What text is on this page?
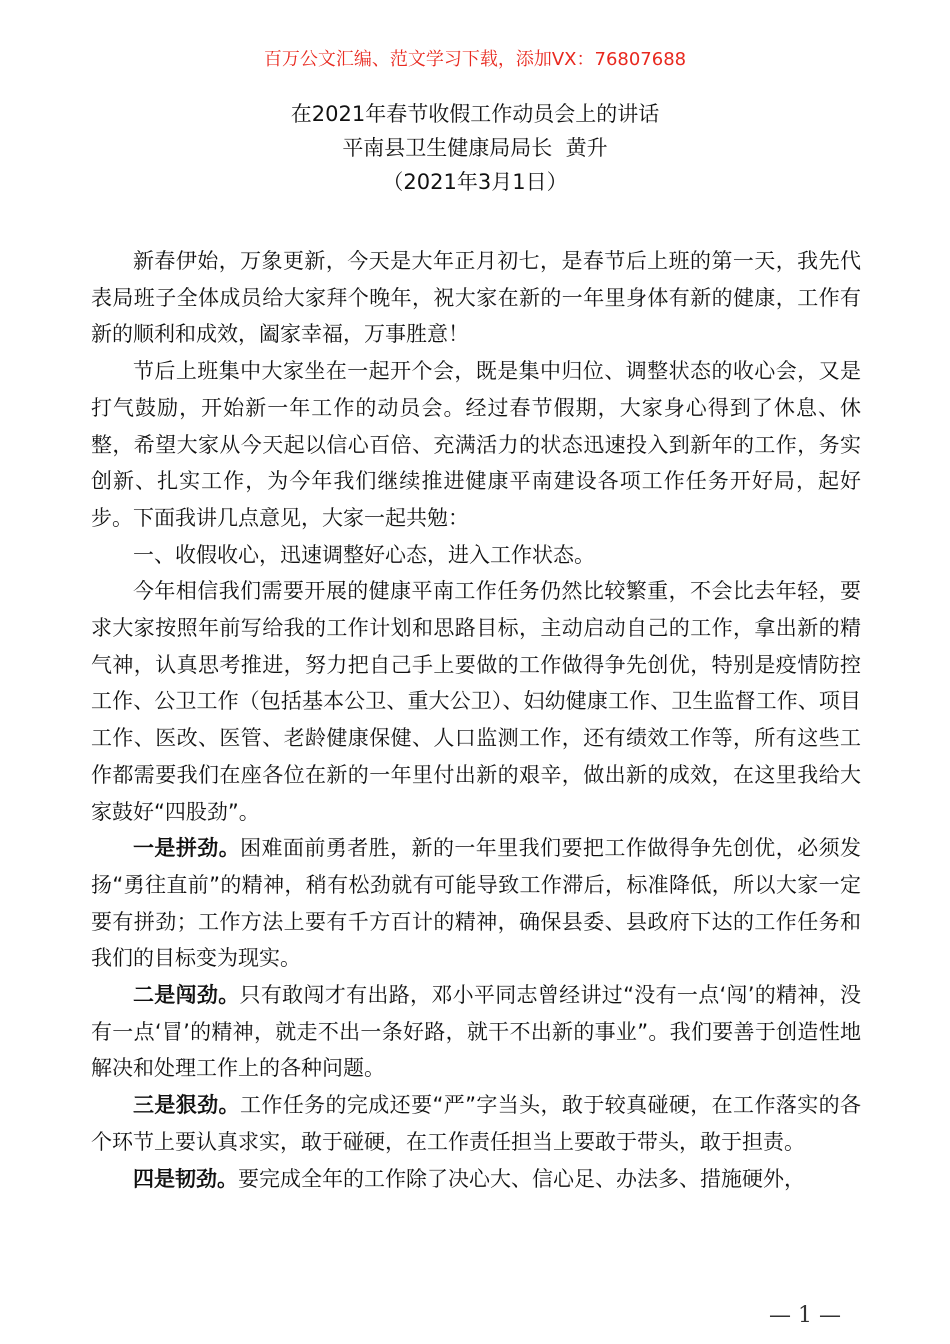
百万公文汇编、范文学习下载，添加VX：76807688
在2021年春节收假工作动员会上的讲话
平南县卫生健康局局长  黄升
（2021年3月1日）

新春伊始，万象更新，今天是大年正月初七，是春节后上班的第一天，我先代表局班子全体成员给大家拜个晚年，祝大家在新的一年里身体有新的健康，工作有新的顺利和成效，阖家幸福，万事胜意！

节后上班集中大家坐在一起开个会，既是集中归位、调整状态的收心会，又是打气鼓励，开始新一年工作的动员会。经过春节假期，大家身心得到了休息、休整，希望大家从今天起以信心百倍、充满活力的状态迅速投入到新年的工作，务实创新、扎实工作，为今年我们继续推进健康平南建设各项工作任务开好局，起好步。下面我讲几点意见，大家一起共勉：

一、收假收心，迅速调整好心态，进入工作状态。

今年相信我们需要开展的健康平南工作任务仍然比较繁重，不会比去年轻，要求大家按照年前写给我的工作计划和思路目标，主动启动自己的工作，拿出新的精气神，认真思考推进，努力把自己手上要做的工作做得争先创优，特别是疫情防控工作、公卫工作（包括基本公卫、重大公卫）、妇幼健康工作、卫生监督工作、项目工作、医改、医管、老龄健康保健、人口监测工作，还有绩效工作等，所有这些工作都需要我们在座各位在新的一年里付出新的艰辛，做出新的成效，在这里我给大家鼓好“四股劲”。

一是拼劲。困难面前勇者胜，新的一年里我们要把工作做得争先创优，必须发扬“勇往直前”的精神，稍有松劲就有可能导致工作滞后，标准降低，所以大家一定要有拼劲；工作方法上要有千方百计的精神，确保县委、县政府下达的工作任务和我们的目标变为现实。

二是闯劲。只有敢闯才有出路，邓小平同志曾经讲过“没有一点‘闯’的精神，没有一点‘冒’的精神，就走不出一条好路，就干不出新的事业”。我们要善于创造性地解决和处理工作上的各种问题。

三是狠劲。工作任务的完成还要“严”字当头，敢于较真碰硬，在工作落实的各个环节上要认真求实，敢于碰硬，在工作责任担当上要敢于带头，敢于担责。

四是韧劲。要完成全年的工作除了决心大、信心足、办法多、措施硬外，

— 1 —
